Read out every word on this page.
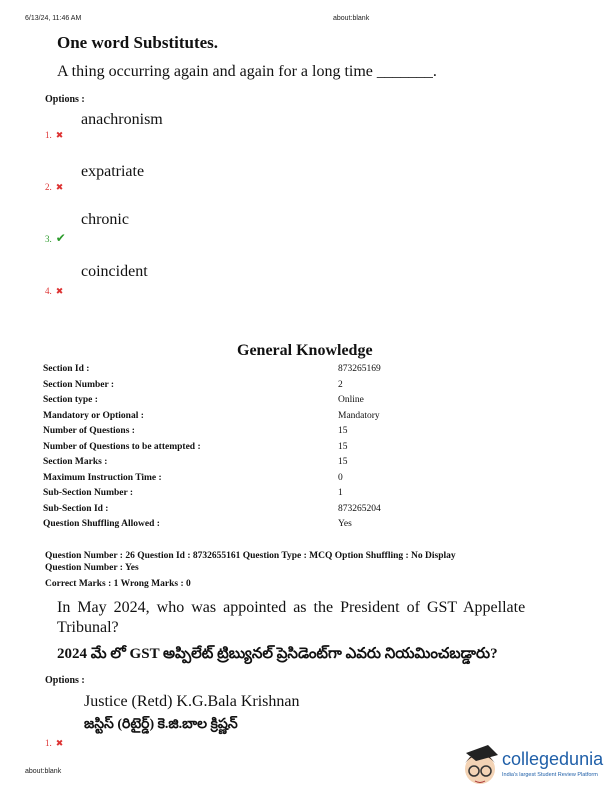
6/13/24, 11:46 AM	about:blank
One word Substitutes.
A thing occurring again and again for a long time _______.
Options :
1. ✖
anachronism
2. ✖
expatriate
3. ✔
chronic
4. ✖
coincident
General Knowledge
Section Id :	873265169
Section Number :	2
Section type :	Online
Mandatory or Optional :	Mandatory
Number of Questions :	15
Number of Questions to be attempted :	15
Section Marks :	15
Maximum Instruction Time :	0
Sub-Section Number :	1
Sub-Section Id :	873265204
Question Shuffling Allowed :	Yes
Question Number : 26 Question Id : 8732655161 Question Type : MCQ Option Shuffling : No Display
Question Number : Yes
Correct Marks : 1 Wrong Marks : 0
In May 2024, who was appointed as the President of GST Appellate
Tribunal?
2024 మే లో GST అప్పిలేట్ ట్రిబ్యునల్ ప్రెసిడెంట్‌గా ఎవరు నియమించబడ్డారు?
Options :
Justice (Retd) K.G.Bala Krishnan
జస్టిస్ (రిటైర్డ్) కె.జి.బాల క్రిష్ణన్
1. ✖
about:blank
collegedunia
India's largest Student Review Platform
